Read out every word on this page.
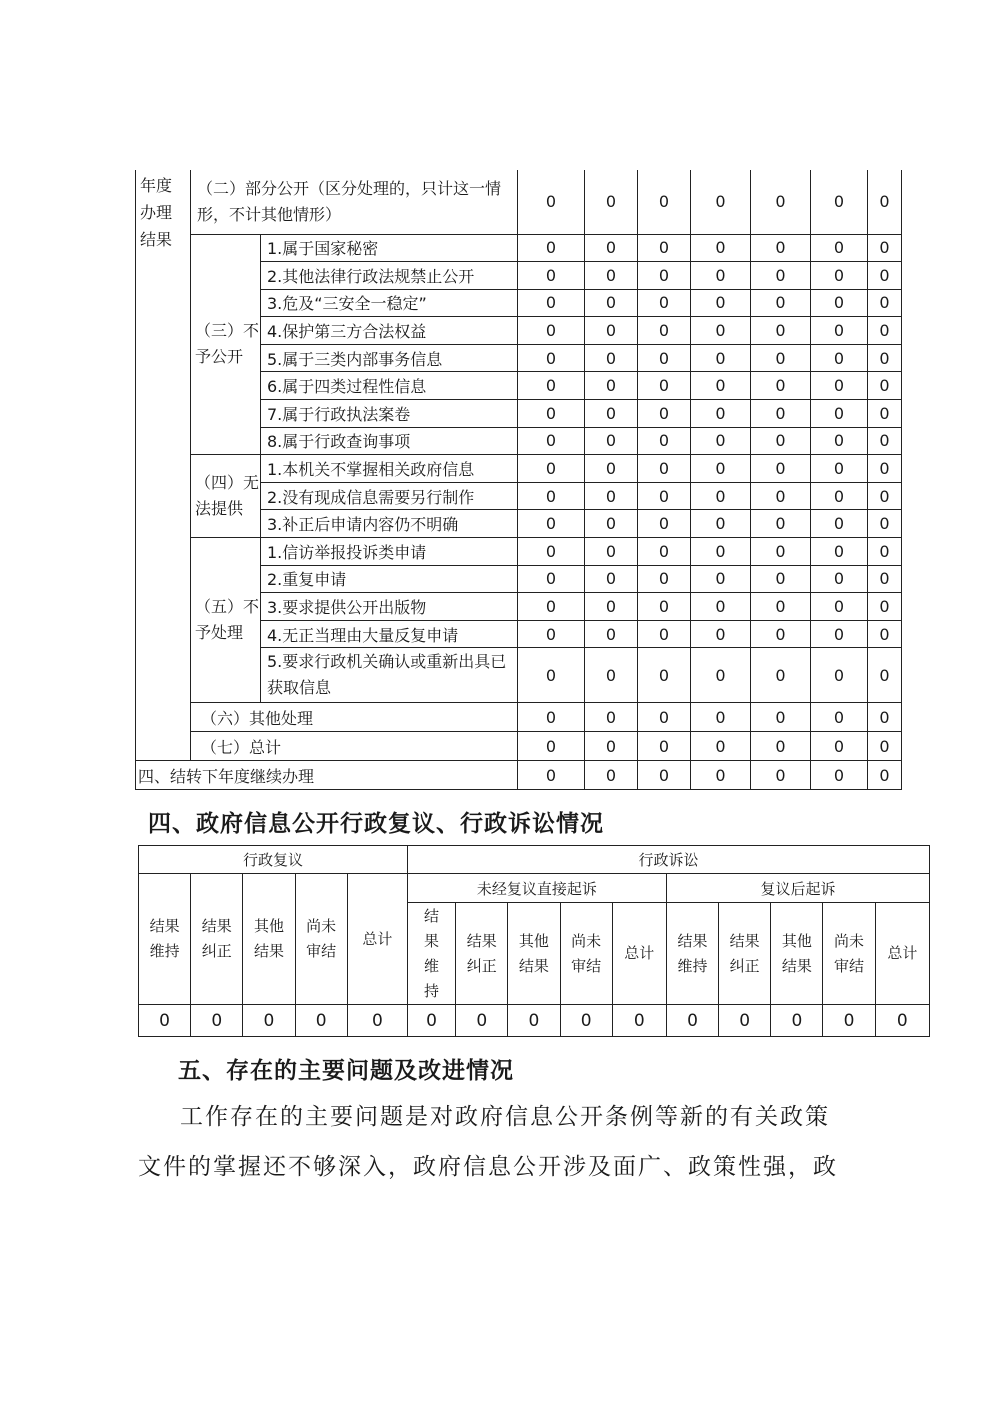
年度办理结果	（二）部分公开（区分处理的，只计这一情形，不计其他情形）		0	0	0	0	0	0	0
	（三）不予公开	1.属于国家秘密	0	0	0	0	0	0	0
		2.其他法律行政法规禁止公开	0	0	0	0	0	0	0
		3.危及“三安全一稳定”	0	0	0	0	0	0	0
		4.保护第三方合法权益	0	0	0	0	0	0	0
		5.属于三类内部事务信息	0	0	0	0	0	0	0
		6.属于四类过程性信息	0	0	0	0	0	0	0
		7.属于行政执法案卷	0	0	0	0	0	0	0
		8.属于行政查询事项	0	0	0	0	0	0	0
	（四）无法提供	1.本机关不掌握相关政府信息	0	0	0	0	0	0	0
		2.没有现成信息需要另行制作	0	0	0	0	0	0	0
		3.补正后申请内容仍不明确	0	0	0	0	0	0	0
	（五）不予处理	1.信访举报投诉类申请	0	0	0	0	0	0	0
		2.重复申请	0	0	0	0	0	0	0
		3.要求提供公开出版物	0	0	0	0	0	0	0
		4.无正当理由大量反复申请	0	0	0	0	0	0	0
		5.要求行政机关确认或重新出具已获取信息	0	0	0	0	0	0	0
	（六）其他处理		0	0	0	0	0	0	0
	（七）总计		0	0	0	0	0	0	0
四、结转下年度继续办理			0	0	0	0	0	0	0
四、政府信息公开行政复议、行政诉讼情况
行政复议					行政诉讼									
结果维持	结果纠正	其他结果	尚未审结	总计	未经复议直接起诉					复议后起诉				
					结果维持	结果纠正	其他结果	尚未审结	总计	结果维持	结果纠正	其他结果	尚未审结	总计
0	0	0	0	0	0	0	0	0	0	0	0	0	0	0
五、存在的主要问题及改进情况
工作存在的主要问题是对政府信息公开条例等新的有关政策
文件的掌握还不够深入，政府信息公开涉及面广、政策性强，政
